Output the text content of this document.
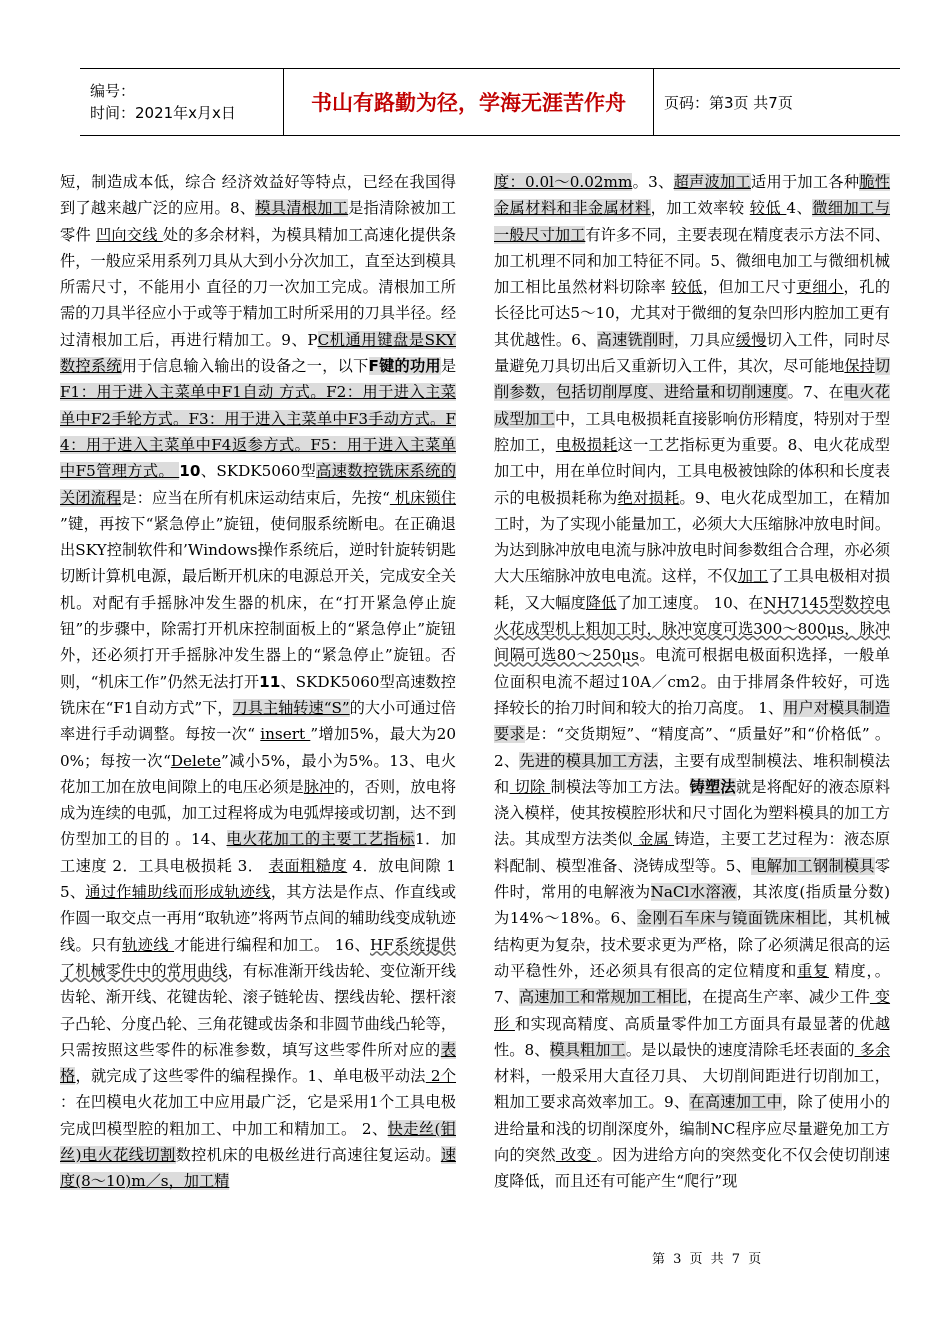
编号：
时间：2021年x月x日	书山有路勤为径，学海无涯苦作舟	页码：第3页 共7页
短，制造成本低，综合 经济效益好等特点，已经在我国得到了越来越广泛的应用。8、模具清根加工是指清除被加工零件 凹向交线 处的多余材料，为模具精加工高速化提供条件，一般应采用系列刀具从大到小分次加工，直至达到模具所需尺寸，不能用小 直径的刀一次加工完成。清根加工所需的刀具半径应小于或等于精加工时所采用的刀具半径。经过清根加工后，再进行精加工。9、PC机通用键盘是SKY数控系统用于信息输入输出的设备之一，以下F键的功用是F1：用于进入主菜单中F1自动 方式。F2：用于进入主菜单中F2手轮方式。F3：用于进入主菜单中F3手动方式。F4：用于进入主菜单中F4返参方式。F5：用于进入主菜单中F5管理方式。 10、SKDK5060型高速数控铣床系统的关闭流程是：应当在所有机床运动结束后，先按“ 机床锁住 ”键，再按下“紧急停止”旋钮，使伺服系统断电。在正确退出SKY控制软件和’Windows操作系统后，逆时针旋转钥匙切断计算机电源，最后断开机床的电源总开关，完成安全关机。对配有手摇脉冲发生器的机床，在“打开紧急停止旋钮”的步骤中，除需打开机床控制面板上的“紧急停止”旋钮外，还必须打开手摇脉冲发生器上的“紧急停止”旋钮。否则，“机床工作”仍然无法打开11、SKDK5060型高速数控铣床在“F1自动方式”下，刀具主轴转速“S”的大小可通过倍率进行手动调整。每按一次“ insert ”增加5%，最大为200%；每按一次“Delete”减小5%，最小为5%。13、电火花加工加在放电间隙上的电压必须是脉冲的，否则，放电将成为连续的电弧，加工过程将成为电弧焊接或切割，达不到仿型加工的目的 。14、电火花加工的主要工艺指标1．加工速度 2．工具电极损耗 3． 表面粗糙度 4．放电间隙 15、通过作辅助线而形成轨迹线，其方法是作点、作直线或作圆一取交点一再用“取轨迹”将两节点间的辅助线变成轨迹线。只有轨迹线 才能进行编程和加工。 16、HF系统提供了机械零件中的常用曲线，有标准渐开线齿轮、变位渐开线齿轮、渐开线、花键齿轮、滚子链轮齿、摆线齿轮、摆杆滚子凸轮、分度凸轮、三角花键或齿条和非圆节曲线凸轮等，只需按照这些零件的标准参数，填写这些零件所对应的表格，就完成了这些零件的编程操作。1、单电极平动法 2个 ：在凹模电火花加工中应用最广泛，它是采用1个工具电极完成凹模型腔的粗加工、中加工和精加工。 2、快走丝(钼丝)电火花线切割数控机床的电极丝进行高速往复运动。速度(8～10)m／s，加工精
度：0.0l～0.02mm。3、超声波加工适用于加工各种脆性金属材料和非金属材料，加工效率较 较低 4、微细加工与一般尺寸加工有许多不同，主要表现在精度表示方法不同、加工机理不同和加工特征不同。5、微细电加工与微细机械加工相比虽然材料切除率 较低，但加工尺寸更细小，孔的长径比可达5～10，尤其对于微细的复杂凹形内腔加工更有其优越性。6、高速铣削时，刀具应缓慢切入工件，同时尽量避免刀具切出后又重新切入工件，其次，尽可能地保持切削参数，包括切削厚度、进给量和切削速度。7、在电火花成型加工中，工具电极损耗直接影响仿形精度，特别对于型腔加工，电极损耗这一工艺指标更为重要。8、电火花成型加工中，用在单位时间内，工具电极被蚀除的体积和长度表示的电极损耗称为绝对损耗。9、电火花成型加工，在精加工时，为了实现小能量加工，必须大大压缩脉冲放电时间。为达到脉冲放电电流与脉冲放电时间参数组合合理，亦必须大大压缩脉冲放电电流。这样，不仅加工了工具电极相对损耗，又大幅度降低了加工速度。 10、在NH7145型数控电火花成型机上粗加工时，脉冲宽度可选300～800μs，脉冲间隔可选80～250μs。电流可根据电极面积选择，一般单位面积电流不超过10A／cm2。由于排屑条件较好，可选择较长的抬刀时间和较大的抬刀高度。 1、用户对模具制造要求是：“交货期短”、“精度高”、“质量好”和“价格低” 。2、先进的模具加工方法，主要有成型制模法、堆积制模法和 切除 制模法等加工方法。铸塑法就是将配好的液态原料浇入模样，使其按模腔形状和尺寸固化为塑料模具的加工方法。其成型方法类似 金属 铸造，主要工艺过程为：液态原料配制、模型准备、浇铸成型等。5、电解加工钢制模具零件时，常用的电解液为NaCl水溶液，其浓度(指质量分数)为14%～18%。6、金刚石车床与镜面铣床相比，其机械结构更为复杂，技术要求更为严格，除了必须满足很高的运动平稳性外，还必须具有很高的定位精度和重复 精度，。7、高速加工和常规加工相比，在提高生产率、减少工件 变形 和实现高精度、高质量零件加工方面具有最显著的优越性。8、模具粗加工。是以最快的速度清除毛坯表面的 多余 材料，一般采用大直径刀具、 大切削间距进行切削加工，粗加工要求高效率加工。9、在高速加工中，除了使用小的进给量和浅的切削深度外，编制NC程序应尽量避免加工方向的突然 改变 。因为进给方向的突然变化不仅会使切削速度降低，而且还有可能产生“爬行”现
第 3 页 共 7 页
